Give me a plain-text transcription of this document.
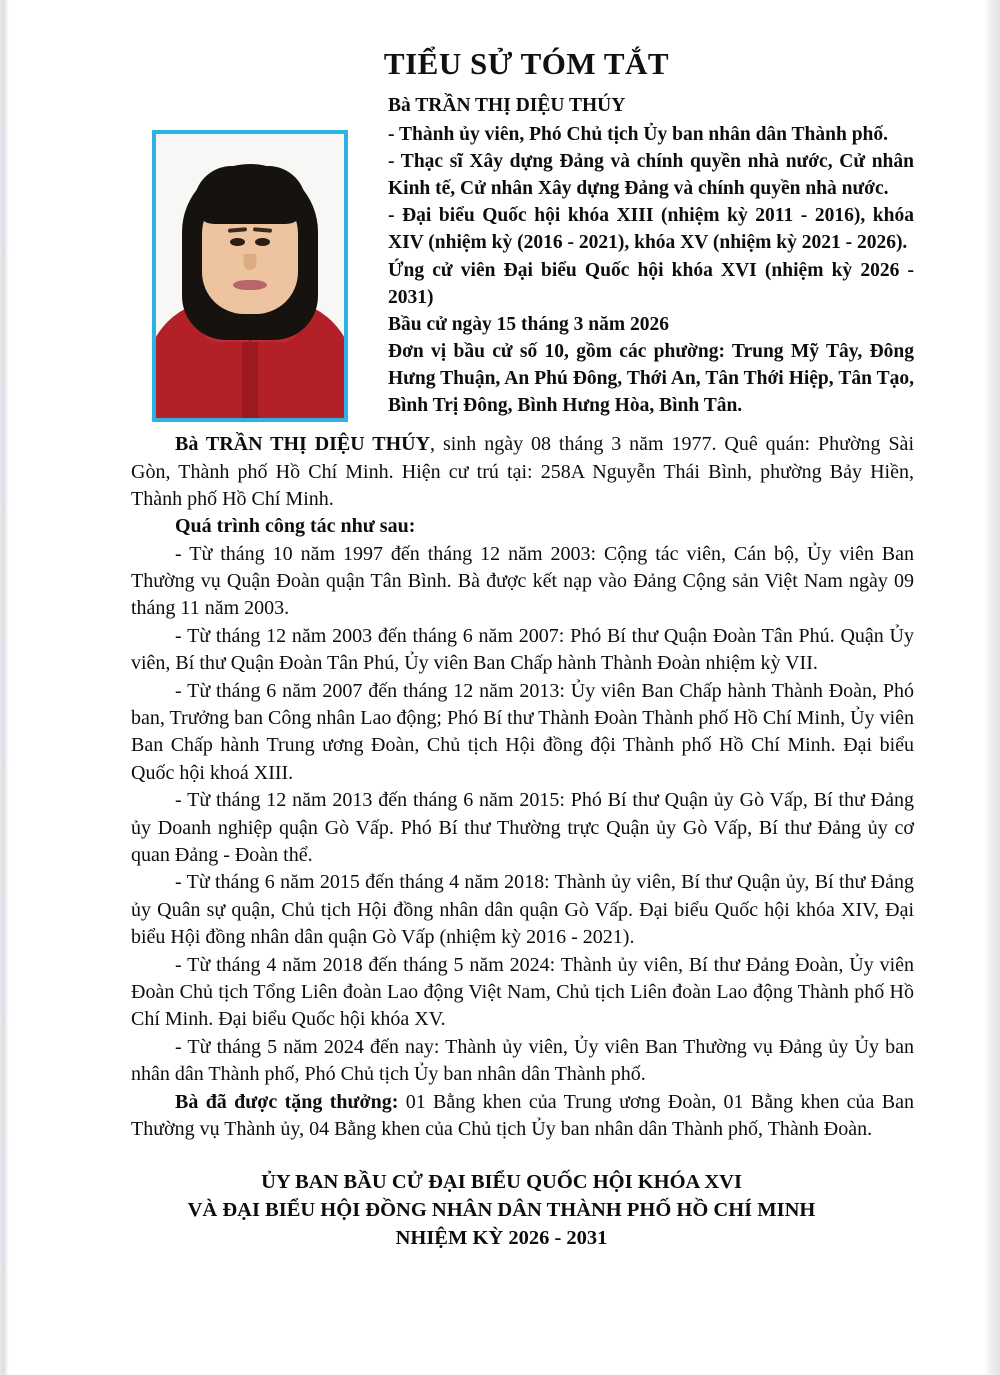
TIỂU SỬ TÓM TẮT
Bà TRẦN THỊ DIỆU THÚY

- Thành ủy viên, Phó Chủ tịch Ủy ban nhân dân Thành phố.

- Thạc sĩ Xây dựng Đảng và chính quyền nhà nước, Cử nhân Kinh tế, Cử nhân Xây dựng Đảng và chính quyền nhà nước.

- Đại biểu Quốc hội khóa XIII (nhiệm kỳ 2011 - 2016), khóa XIV (nhiệm kỳ (2016 - 2021), khóa XV (nhiệm kỳ 2021 - 2026).

Ứng cử viên Đại biểu Quốc hội khóa XVI (nhiệm kỳ 2026 - 2031)

Bầu cử ngày 15 tháng 3 năm 2026

Đơn vị bầu cử số 10, gồm các phường: Trung Mỹ Tây, Đông Hưng Thuận, An Phú Đông, Thới An, Tân Thới Hiệp, Tân Tạo, Bình Trị Đông, Bình Hưng Hòa, Bình Tân.

Bà TRẦN THỊ DIỆU THÚY, sinh ngày 08 tháng 3 năm 1977. Quê quán: Phường Sài Gòn, Thành phố Hồ Chí Minh. Hiện cư trú tại: 258A Nguyễn Thái Bình, phường Bảy Hiền, Thành phố Hồ Chí Minh.

Quá trình công tác như sau:

- Từ tháng 10 năm 1997 đến tháng 12 năm 2003: Cộng tác viên, Cán bộ, Ủy viên Ban Thường vụ Quận Đoàn quận Tân Bình. Bà được kết nạp vào Đảng Cộng sản Việt Nam ngày 09 tháng 11 năm 2003.

- Từ tháng 12 năm 2003 đến tháng 6 năm 2007: Phó Bí thư Quận Đoàn Tân Phú. Quận Ủy viên, Bí thư Quận Đoàn Tân Phú, Ủy viên Ban Chấp hành Thành Đoàn nhiệm kỳ VII.

- Từ tháng 6 năm 2007 đến tháng 12 năm 2013: Ủy viên Ban Chấp hành Thành Đoàn, Phó ban, Trưởng ban Công nhân Lao động; Phó Bí thư Thành Đoàn Thành phố Hồ Chí Minh, Ủy viên Ban Chấp hành Trung ương Đoàn, Chủ tịch Hội đồng đội Thành phố Hồ Chí Minh. Đại biểu Quốc hội khoá XIII.

- Từ tháng 12 năm 2013 đến tháng 6 năm 2015: Phó Bí thư Quận ủy Gò Vấp, Bí thư Đảng ủy Doanh nghiệp quận Gò Vấp. Phó Bí thư Thường trực Quận ủy Gò Vấp, Bí thư Đảng ủy cơ quan Đảng - Đoàn thể.

- Từ tháng 6 năm 2015 đến tháng 4 năm 2018: Thành ủy viên, Bí thư Quận ủy, Bí thư Đảng ủy Quân sự quận, Chủ tịch Hội đồng nhân dân quận Gò Vấp. Đại biểu Quốc hội khóa XIV, Đại biểu Hội đồng nhân dân quận Gò Vấp (nhiệm kỳ 2016 - 2021).

- Từ tháng 4 năm 2018 đến tháng 5 năm 2024: Thành ủy viên, Bí thư Đảng Đoàn, Ủy viên Đoàn Chủ tịch Tổng Liên đoàn Lao động Việt Nam, Chủ tịch Liên đoàn Lao động Thành phố Hồ Chí Minh. Đại biểu Quốc hội khóa XV.

- Từ tháng 5 năm 2024 đến nay: Thành ủy viên, Ủy viên Ban Thường vụ Đảng ủy Ủy ban nhân dân Thành phố, Phó Chủ tịch Ủy ban nhân dân Thành phố.

Bà đã được tặng thưởng: 01 Bằng khen của Trung ương Đoàn, 01 Bằng khen của Ban Thường vụ Thành ủy, 04 Bằng khen của Chủ tịch Ủy ban nhân dân Thành phố, Thành Đoàn.

ỦY BAN BẦU CỬ ĐẠI BIỂU QUỐC HỘI KHÓA XVI
VÀ ĐẠI BIỂU HỘI ĐỒNG NHÂN DÂN THÀNH PHỐ HỒ CHÍ MINH
NHIỆM KỲ 2026 - 2031
